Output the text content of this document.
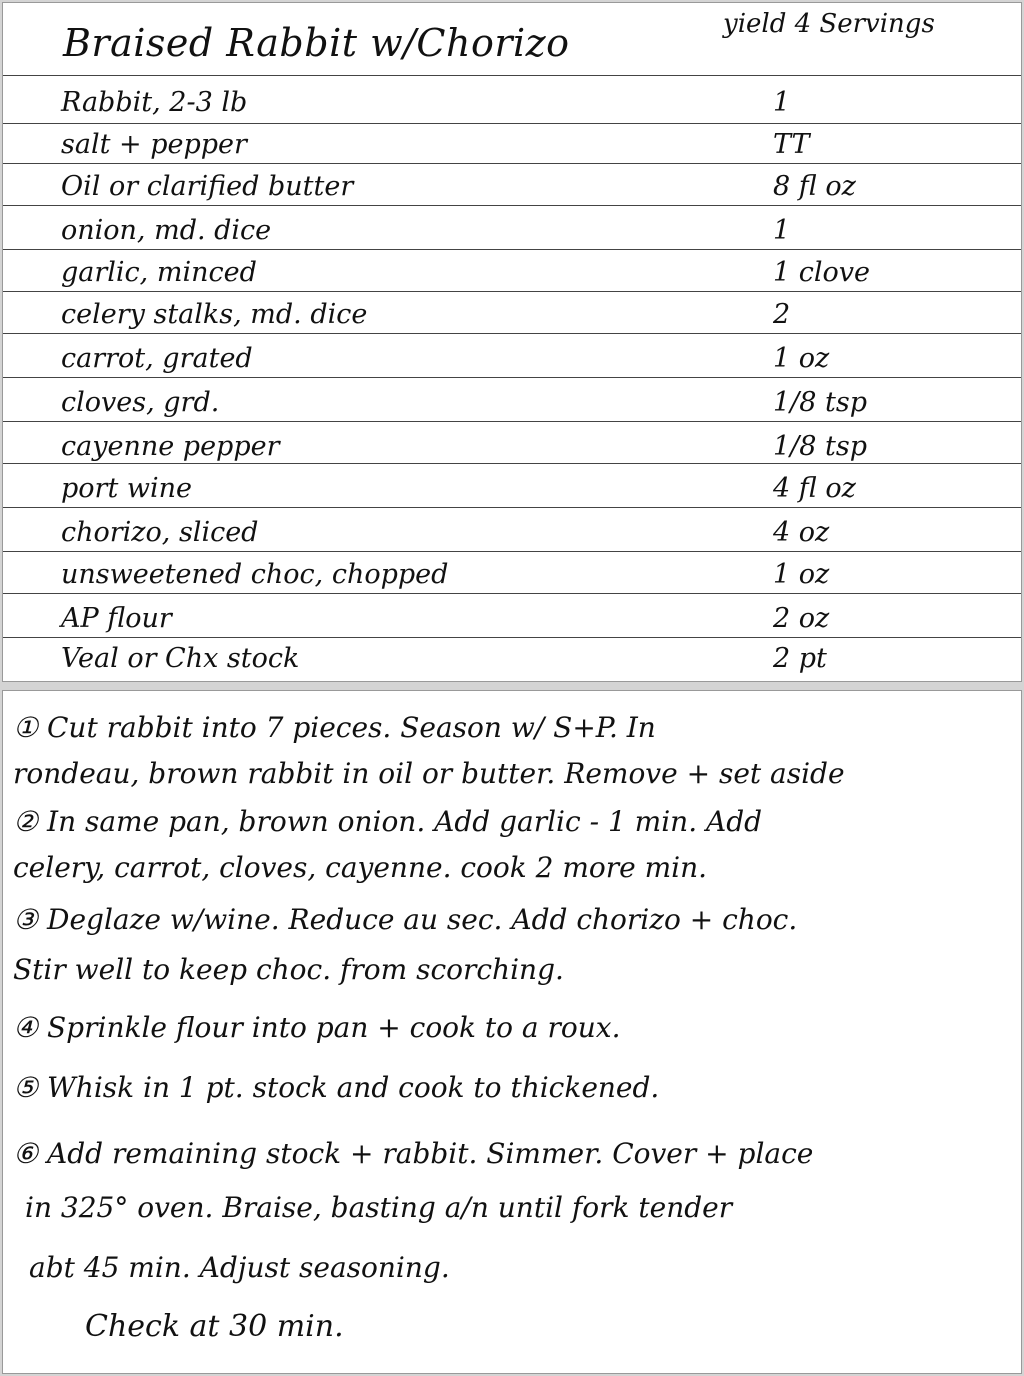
Braised Rabbit w/Chorizo	yield 4 Servings
Rabbit, 2-3 lb	1
salt + pepper	TT
Oil or clarified butter	8 fl oz
onion, md. dice	1
garlic, minced	1 clove
celery stalks, md. dice	2
carrot, grated	1 oz
cloves, grd.	1/8 tsp
cayenne pepper	1/8 tsp
port wine	4 fl oz
chorizo, sliced	4 oz
unsweetened choc, chopped	1 oz
AP flour	2 oz
Veal or Chx stock	2 pt
① Cut rabbit into 7 pieces. Season w/ S+P. In
rondeau, brown rabbit in oil or butter. Remove + set aside
② In same pan, brown onion. Add garlic - 1 min. Add
celery, carrot, cloves, cayenne. cook 2 more min.
③ Deglaze w/wine. Reduce au sec. Add chorizo + choc.
Stir well to keep choc. from scorching.
④ Sprinkle flour into pan + cook to a roux.
⑤ Whisk in 1 pt. stock and cook to thickened.
⑥ Add remaining stock + rabbit. Simmer. Cover + place
in 325° oven. Braise, basting a/n until fork tender
abt 45 min. Adjust seasoning.
Check at 30 min.
